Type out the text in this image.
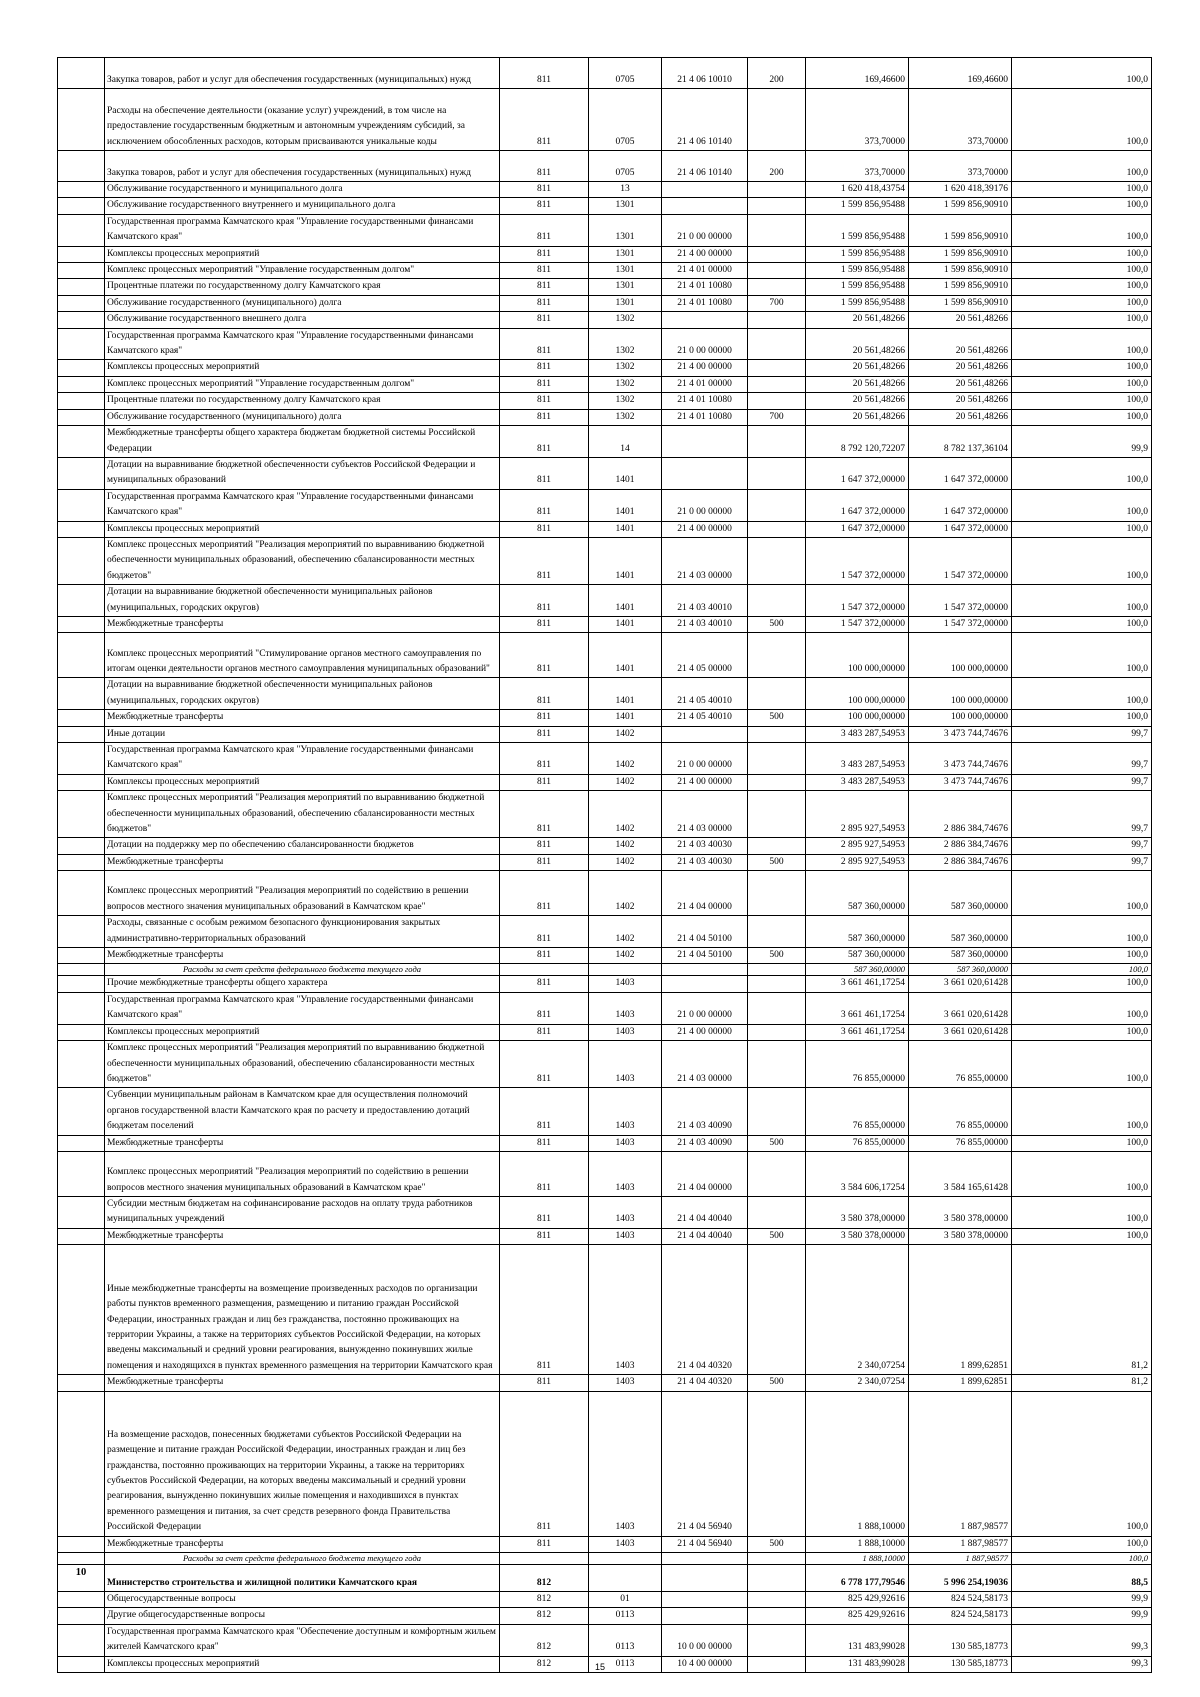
	Закупка товаров, работ и услуг для обеспечения государственных (муниципальных) нужд	811	0705	21 4 06 10010	200	169,46600	169,46600	100,0
	Расходы на обеспечение деятельности (оказание услуг) учреждений, в том числе на предоставление государственным бюджетным и автономным учреждениям субсидий, за исключением обособленных расходов, которым присваиваются уникальные коды	811	0705	21 4 06 10140		373,70000	373,70000	100,0
	Закупка товаров, работ и услуг для обеспечения государственных (муниципальных) нужд	811	0705	21 4 06 10140	200	373,70000	373,70000	100,0
	Обслуживание государственного и муниципального долга	811	13			1 620 418,43754	1 620 418,39176	100,0
	Обслуживание государственного внутреннего и муниципального долга	811	1301			1 599 856,95488	1 599 856,90910	100,0
	Государственная программа Камчатского края "Управление государственными финансами Камчатского края"	811	1301	21 0 00 00000		1 599 856,95488	1 599 856,90910	100,0
	Комплексы процессных мероприятий	811	1301	21 4 00 00000		1 599 856,95488	1 599 856,90910	100,0
	Комплекс процессных мероприятий "Управление государственным долгом"	811	1301	21 4 01 00000		1 599 856,95488	1 599 856,90910	100,0
	Процентные платежи по государственному долгу Камчатского края	811	1301	21 4 01 10080		1 599 856,95488	1 599 856,90910	100,0
	Обслуживание государственного (муниципального) долга	811	1301	21 4 01 10080	700	1 599 856,95488	1 599 856,90910	100,0
	Обслуживание государственного внешнего долга	811	1302			20 561,48266	20 561,48266	100,0
	Государственная программа Камчатского края "Управление государственными финансами Камчатского края"	811	1302	21 0 00 00000		20 561,48266	20 561,48266	100,0
	Комплексы процессных мероприятий	811	1302	21 4 00 00000		20 561,48266	20 561,48266	100,0
	Комплекс процессных мероприятий "Управление государственным долгом"	811	1302	21 4 01 00000		20 561,48266	20 561,48266	100,0
	Процентные платежи по государственному долгу Камчатского края	811	1302	21 4 01 10080		20 561,48266	20 561,48266	100,0
	Обслуживание государственного (муниципального) долга	811	1302	21 4 01 10080	700	20 561,48266	20 561,48266	100,0
	Межбюджетные трансферты общего характера бюджетам бюджетной системы Российской Федерации	811	14			8 792 120,72207	8 782 137,36104	99,9
	Дотации на выравнивание бюджетной обеспеченности субъектов Российской Федерации и муниципальных образований	811	1401			1 647 372,00000	1 647 372,00000	100,0
	Государственная программа Камчатского края "Управление государственными финансами Камчатского края"	811	1401	21 0 00 00000		1 647 372,00000	1 647 372,00000	100,0
	Комплексы процессных мероприятий	811	1401	21 4 00 00000		1 647 372,00000	1 647 372,00000	100,0
	Комплекс процессных мероприятий "Реализация мероприятий по выравниванию бюджетной обеспеченности муниципальных образований, обеспечению сбалансированности местных бюджетов"	811	1401	21 4 03 00000		1 547 372,00000	1 547 372,00000	100,0
	Дотации на выравнивание бюджетной обеспеченности муниципальных районов (муниципальных, городских округов)	811	1401	21 4 03 40010		1 547 372,00000	1 547 372,00000	100,0
	Межбюджетные трансферты	811	1401	21 4 03 40010	500	1 547 372,00000	1 547 372,00000	100,0
	Комплекс процессных мероприятий "Стимулирование органов местного самоуправления по итогам оценки деятельности органов местного самоуправления муниципальных образований"	811	1401	21 4 05 00000		100 000,00000	100 000,00000	100,0
	Дотации на выравнивание бюджетной обеспеченности муниципальных районов (муниципальных, городских округов)	811	1401	21 4 05 40010		100 000,00000	100 000,00000	100,0
	Межбюджетные трансферты	811	1401	21 4 05 40010	500	100 000,00000	100 000,00000	100,0
	Иные дотации	811	1402			3 483 287,54953	3 473 744,74676	99,7
	Государственная программа Камчатского края "Управление государственными финансами Камчатского края"	811	1402	21 0 00 00000		3 483 287,54953	3 473 744,74676	99,7
	Комплексы процессных мероприятий	811	1402	21 4 00 00000		3 483 287,54953	3 473 744,74676	99,7
	Комплекс процессных мероприятий "Реализация мероприятий по выравниванию бюджетной обеспеченности муниципальных образований, обеспечению сбалансированности местных бюджетов"	811	1402	21 4 03 00000		2 895 927,54953	2 886 384,74676	99,7
	Дотации на поддержку мер по обеспечению сбалансированности бюджетов	811	1402	21 4 03 40030		2 895 927,54953	2 886 384,74676	99,7
	Межбюджетные трансферты	811	1402	21 4 03 40030	500	2 895 927,54953	2 886 384,74676	99,7
	Комплекс процессных мероприятий "Реализация мероприятий по содействию в решении вопросов местного значения муниципальных образований в Камчатском крае"	811	1402	21 4 04 00000		587 360,00000	587 360,00000	100,0
	Расходы, связанные с особым режимом безопасного функционирования закрытых административно-территориальных образований	811	1402	21 4 04 50100		587 360,00000	587 360,00000	100,0
	Межбюджетные трансферты	811	1402	21 4 04 50100	500	587 360,00000	587 360,00000	100,0
	Расходы за счет средств федерального бюджета текущего года					587 360,00000	587 360,00000	100,0
	Прочие межбюджетные трансферты общего характера	811	1403			3 661 461,17254	3 661 020,61428	100,0
	Государственная программа Камчатского края "Управление государственными финансами Камчатского края"	811	1403	21 0 00 00000		3 661 461,17254	3 661 020,61428	100,0
	Комплексы процессных мероприятий	811	1403	21 4 00 00000		3 661 461,17254	3 661 020,61428	100,0
	Комплекс процессных мероприятий "Реализация мероприятий по выравниванию бюджетной обеспеченности муниципальных образований, обеспечению сбалансированности местных бюджетов"	811	1403	21 4 03 00000		76 855,00000	76 855,00000	100,0
	Субвенции муниципальным районам в Камчатском крае для осуществления полномочий органов государственной власти Камчатского края по расчету и предоставлению дотаций бюджетам поселений	811	1403	21 4 03 40090		76 855,00000	76 855,00000	100,0
	Межбюджетные трансферты	811	1403	21 4 03 40090	500	76 855,00000	76 855,00000	100,0
	Комплекс процессных мероприятий "Реализация мероприятий по содействию в решении вопросов местного значения муниципальных образований в Камчатском крае"	811	1403	21 4 04 00000		3 584 606,17254	3 584 165,61428	100,0
	Субсидии местным бюджетам на софинансирование расходов на оплату труда работников муниципальных учреждений	811	1403	21 4 04 40040		3 580 378,00000	3 580 378,00000	100,0
	Межбюджетные трансферты	811	1403	21 4 04 40040	500	3 580 378,00000	3 580 378,00000	100,0
	Иные межбюджетные трансферты на возмещение произведенных расходов по организации работы пунктов временного размещения, размещению и питанию граждан Российской Федерации, иностранных граждан и лиц без гражданства, постоянно проживающих на территории Украины, а также на территориях субъектов Российской Федерации, на которых введены максимальный и средний уровни реагирования, вынужденно покинувших жилые помещения и находящихся в пунктах временного размещения на территории Камчатского края	811	1403	21 4 04 40320		2 340,07254	1 899,62851	81,2
	Межбюджетные трансферты	811	1403	21 4 04 40320	500	2 340,07254	1 899,62851	81,2
	На возмещение расходов, понесенных бюджетами субъектов Российской Федерации на размещение и питание граждан Российской Федерации, иностранных граждан и лиц без гражданства, постоянно проживающих на территории Украины, а также на территориях субъектов Российской Федерации, на которых введены максимальный и средний уровни реагирования, вынужденно покинувших жилые помещения и находившихся в пунктах временного размещения и питания, за счет средств резервного фонда Правительства Российской Федерации	811	1403	21 4 04 56940		1 888,10000	1 887,98577	100,0
	Межбюджетные трансферты	811	1403	21 4 04 56940	500	1 888,10000	1 887,98577	100,0
	Расходы за счет средств федерального бюджета текущего года					1 888,10000	1 887,98577	100,0
10	Министерство строительства и жилищной политики Камчатского края	812				6 778 177,79546	5 996 254,19036	88,5
	Общегосударственные вопросы	812	01			825 429,92616	824 524,58173	99,9
	Другие общегосударственные вопросы	812	0113			825 429,92616	824 524,58173	99,9
	Государственная программа Камчатского края "Обеспечение доступным и комфортным жильем жителей Камчатского края"	812	0113	10 0 00 00000		131 483,99028	130 585,18773	99,3
	Комплексы процессных мероприятий	812	0113	10 4 00 00000		131 483,99028	130 585,18773	99,3
15
